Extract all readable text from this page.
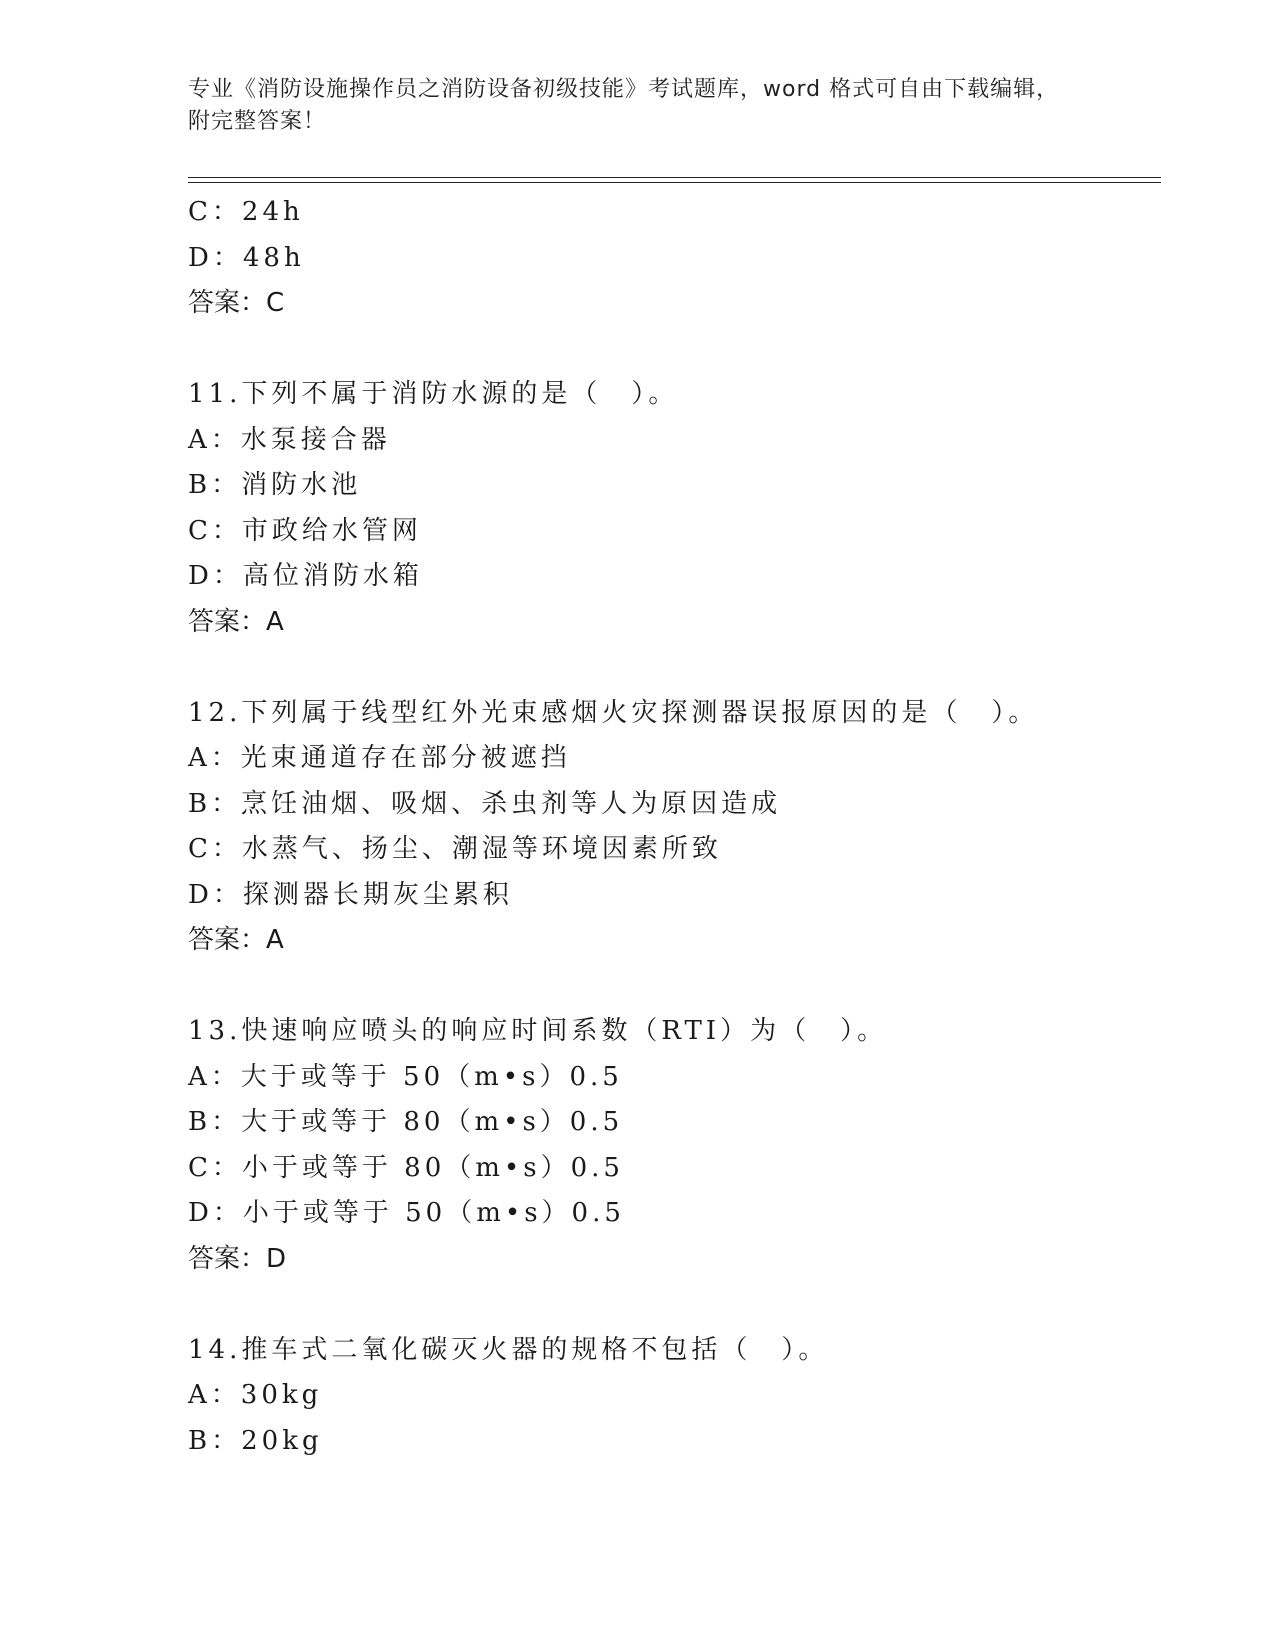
专业《消防设施操作员之消防设备初级技能》考试题库，word 格式可自由下载编辑，附完整答案！
C：24h
D：48h
答案：C
11.下列不属于消防水源的是（　）。
A：水泵接合器
B：消防水池
C：市政给水管网
D：高位消防水箱
答案：A
12.下列属于线型红外光束感烟火灾探测器误报原因的是（　）。
A：光束通道存在部分被遮挡
B：烹饪油烟、吸烟、杀虫剂等人为原因造成
C：水蒸气、扬尘、潮湿等环境因素所致
D：探测器长期灰尘累积
答案：A
13.快速响应喷头的响应时间系数（RTI）为（　）。
A：大于或等于 50（m•s）0.5
B：大于或等于 80（m•s）0.5
C：小于或等于 80（m•s）0.5
D：小于或等于 50（m•s）0.5
答案：D
14.推车式二氧化碳灭火器的规格不包括（　）。
A：30kg
B：20kg
